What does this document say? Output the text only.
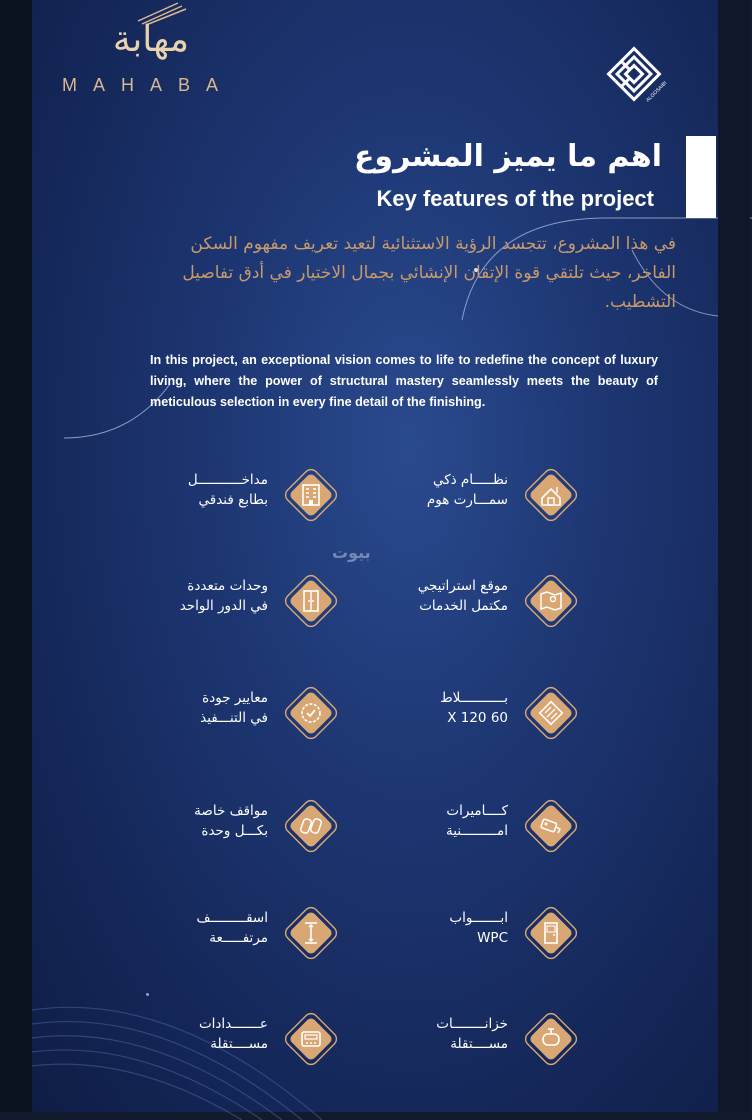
مهابة
MAHABA	ALGOSAIBI
اهم ما يميز المشروع
Key features of the project
في هذا المشروع، تتجسد الرؤية الاستثنائية لتعيد تعريف مفهوم السكن الفاخر، حيث تلتقي قوة الإتقان الإنشائي بجمال الاختيار في أدق تفاصيل التشطيب.
In this project, an exceptional vision comes to life to redefine the concept of luxury living, where the power of structural mastery seamlessly meets the beauty of meticulous selection in every fine detail of the finishing.
بيوت
نظـــــام ذكي
سمـــارت هوم
مداخـــــــــــل
بطابع فندقي
موقع استراتيجي
مكتمل الخدمات
وحدات متعددة
في الدور الواحد
بـــــــــــلاط
60 X 120
معايير جودة
في التنـــفيذ
كــــاميرات
امـــــــــنية
مواقف خاصة
بكـــل وحدة
ابـــــــواب
WPC
اسقـــــــــف
مرتفـــــعة
خزانــــــــات
مســــتقلة
عـــــــدادات
مســــتقلة
